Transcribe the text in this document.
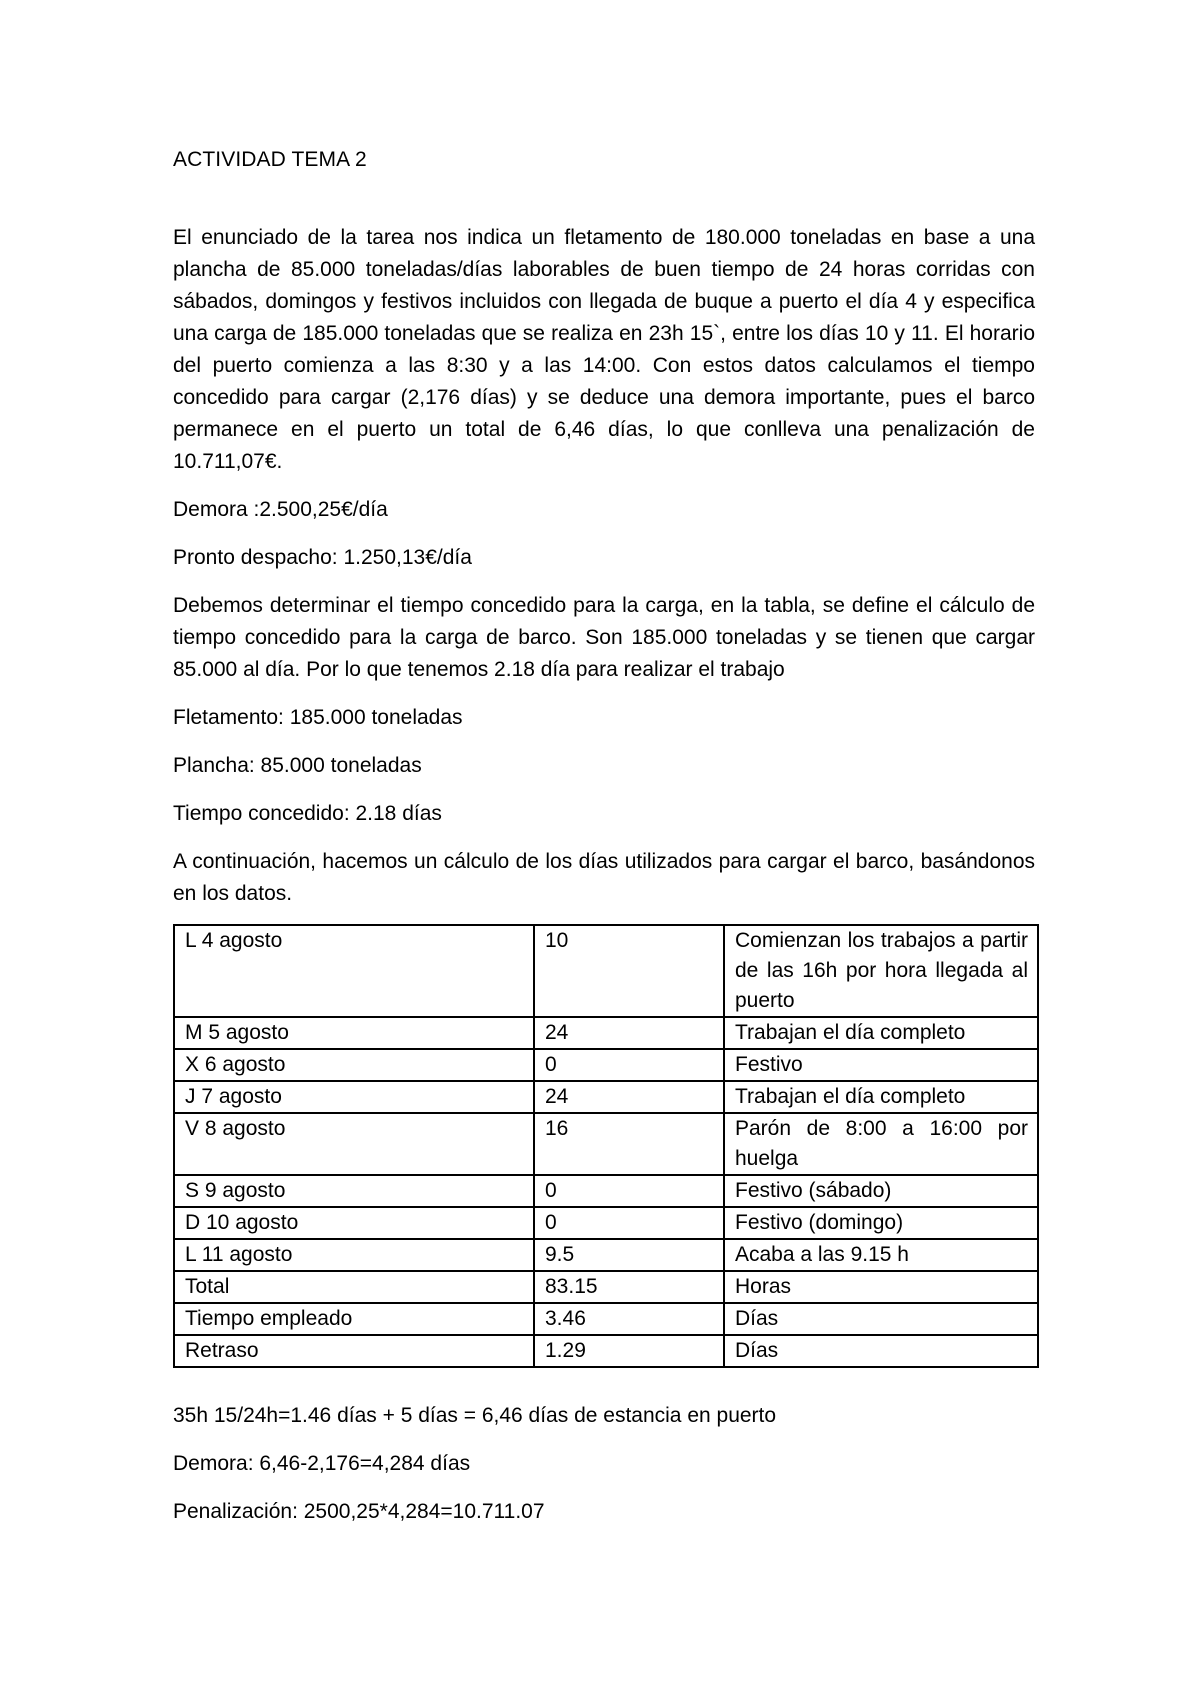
ACTIVIDAD TEMA 2

El enunciado de la tarea nos indica un fletamento de 180.000 toneladas en base a una plancha de 85.000 toneladas/días laborables de buen tiempo de 24 horas corridas con sábados, domingos y festivos incluidos con llegada de buque a puerto el día 4 y especifica una carga de 185.000 toneladas que se realiza en 23h 15`, entre los días 10 y 11. El horario del puerto comienza a las 8:30 y a las 14:00. Con estos datos calculamos el tiempo concedido para cargar (2,176 días) y se deduce una demora importante, pues el barco permanece en el puerto un total de 6,46 días, lo que conlleva una penalización de 10.711,07€.

Demora :2.500,25€/día

Pronto despacho: 1.250,13€/día

Debemos determinar el tiempo concedido para la carga, en la tabla, se define el cálculo de tiempo concedido para la carga de barco. Son 185.000 toneladas y se tienen que cargar 85.000 al día. Por lo que tenemos 2.18 día para realizar el trabajo

Fletamento: 185.000 toneladas

Plancha: 85.000 toneladas

Tiempo concedido: 2.18 días

A continuación, hacemos un cálculo de los días utilizados para cargar el barco, basándonos en los datos.

L 4 agosto	10	Comienzan los trabajos a partir de las 16h por hora llegada al puerto
M 5 agosto	24	Trabajan el día completo
X 6 agosto	0	Festivo
J 7 agosto	24	Trabajan el día completo
V 8 agosto	16	Parón de 8:00 a 16:00 por huelga
S 9 agosto	0	Festivo (sábado)
D 10 agosto	0	Festivo (domingo)
L 11 agosto	9.5	Acaba a las 9.15 h
Total	83.15	Horas
Tiempo empleado	3.46	Días
Retraso	1.29	Días

35h 15/24h=1.46 días + 5 días = 6,46 días de estancia en puerto

Demora: 6,46-2,176=4,284 días

Penalización: 2500,25*4,284=10.711.07
